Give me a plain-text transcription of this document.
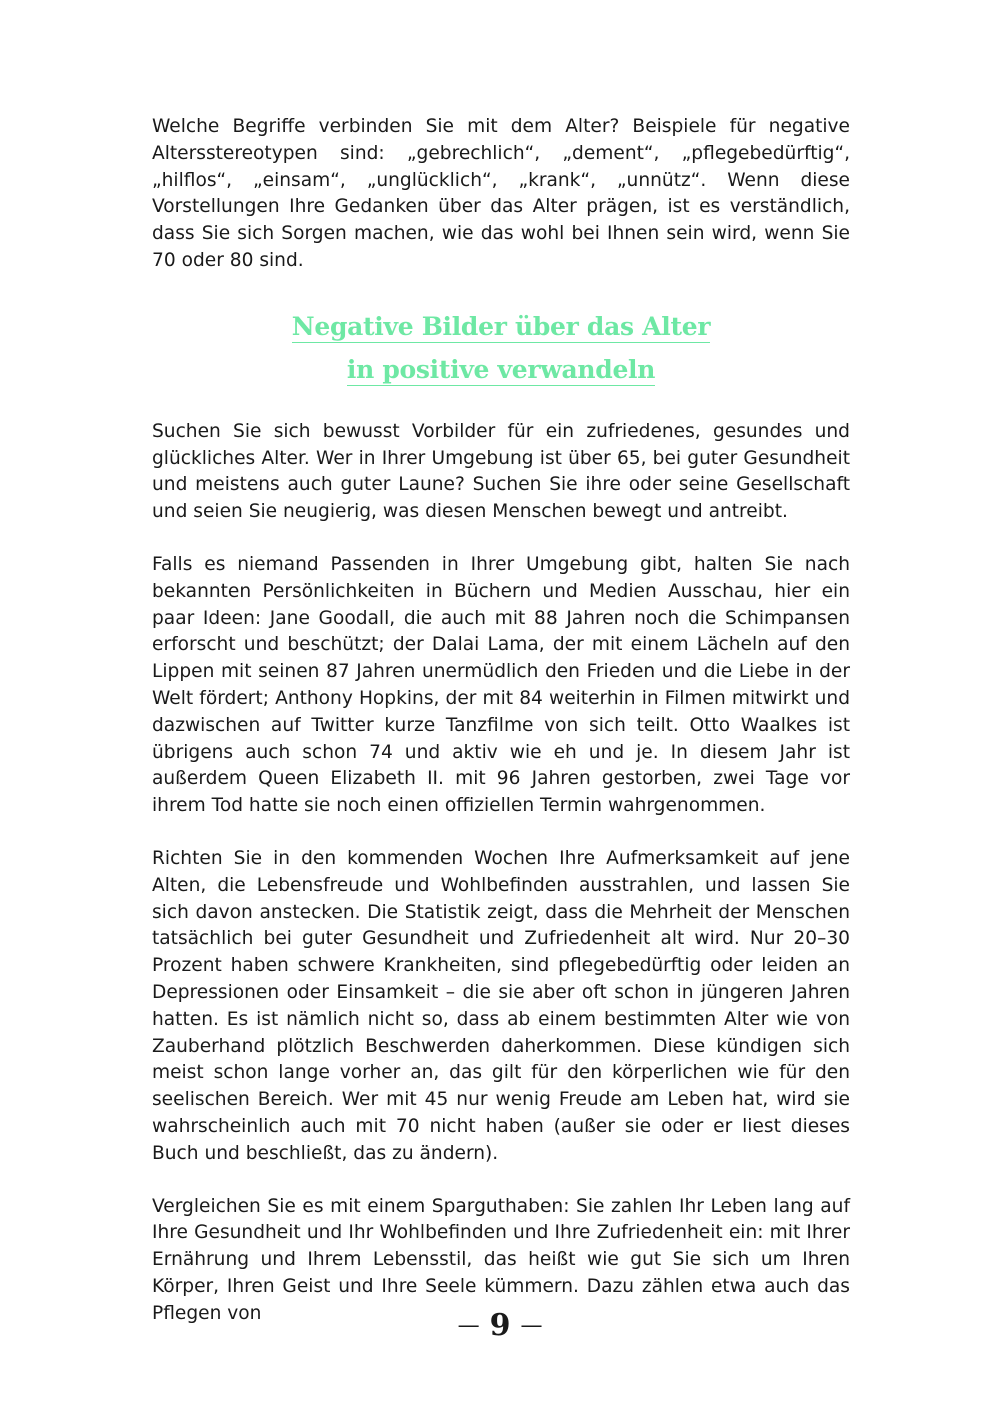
Welche Begriffe verbinden Sie mit dem Alter? Beispiele für negative Altersstereotypen sind: „gebrechlich“, „dement“, „pflegebedürftig“, „hilflos“, „einsam“, „unglücklich“, „krank“, „unnütz“. Wenn diese Vorstellungen Ihre Gedanken über das Alter prägen, ist es verständlich, dass Sie sich Sorgen machen, wie das wohl bei Ihnen sein wird, wenn Sie 70 oder 80 sind.

Negative Bilder über das Alter
in positive verwandeln

Suchen Sie sich bewusst Vorbilder für ein zufriedenes, gesundes und glückliches Alter. Wer in Ihrer Umgebung ist über 65, bei guter Gesundheit und meistens auch guter Laune? Suchen Sie ihre oder seine Gesellschaft und seien Sie neugierig, was diesen Menschen bewegt und antreibt.

Falls es niemand Passenden in Ihrer Umgebung gibt, halten Sie nach bekannten Persönlichkeiten in Büchern und Medien Ausschau, hier ein paar Ideen: Jane Goodall, die auch mit 88 Jahren noch die Schimpansen erforscht und beschützt; der Dalai Lama, der mit einem Lächeln auf den Lippen mit seinen 87 Jahren unermüdlich den Frieden und die Liebe in der Welt fördert; Anthony Hopkins, der mit 84 weiterhin in Filmen mitwirkt und dazwischen auf Twitter kurze Tanzfilme von sich teilt. Otto Waalkes ist übrigens auch schon 74 und aktiv wie eh und je. In diesem Jahr ist außerdem Queen Elizabeth II. mit 96 Jahren gestorben, zwei Tage vor ihrem Tod hatte sie noch einen offiziellen Termin wahrgenommen.

Richten Sie in den kommenden Wochen Ihre Aufmerksamkeit auf jene Alten, die Lebensfreude und Wohlbefinden ausstrahlen, und lassen Sie sich davon anstecken. Die Statistik zeigt, dass die Mehrheit der Menschen tatsächlich bei guter Gesundheit und Zufriedenheit alt wird. Nur 20–30 Prozent haben schwere Krankheiten, sind pflegebedürftig oder leiden an Depressionen oder Einsamkeit – die sie aber oft schon in jüngeren Jahren hatten. Es ist nämlich nicht so, dass ab einem bestimmten Alter wie von Zauberhand plötzlich Beschwerden daherkommen. Diese kündigen sich meist schon lange vorher an, das gilt für den körperlichen wie für den seelischen Bereich. Wer mit 45 nur wenig Freude am Leben hat, wird sie wahrscheinlich auch mit 70 nicht haben (außer sie oder er liest dieses Buch und beschließt, das zu ändern).

Vergleichen Sie es mit einem Sparguthaben: Sie zahlen Ihr Leben lang auf Ihre Gesundheit und Ihr Wohlbefinden und Ihre Zufriedenheit ein: mit Ihrer Ernährung und Ihrem Lebensstil, das heißt wie gut Sie sich um Ihren Körper, Ihren Geist und Ihre Seele kümmern. Dazu zählen etwa auch das Pflegen von	— 9 —
